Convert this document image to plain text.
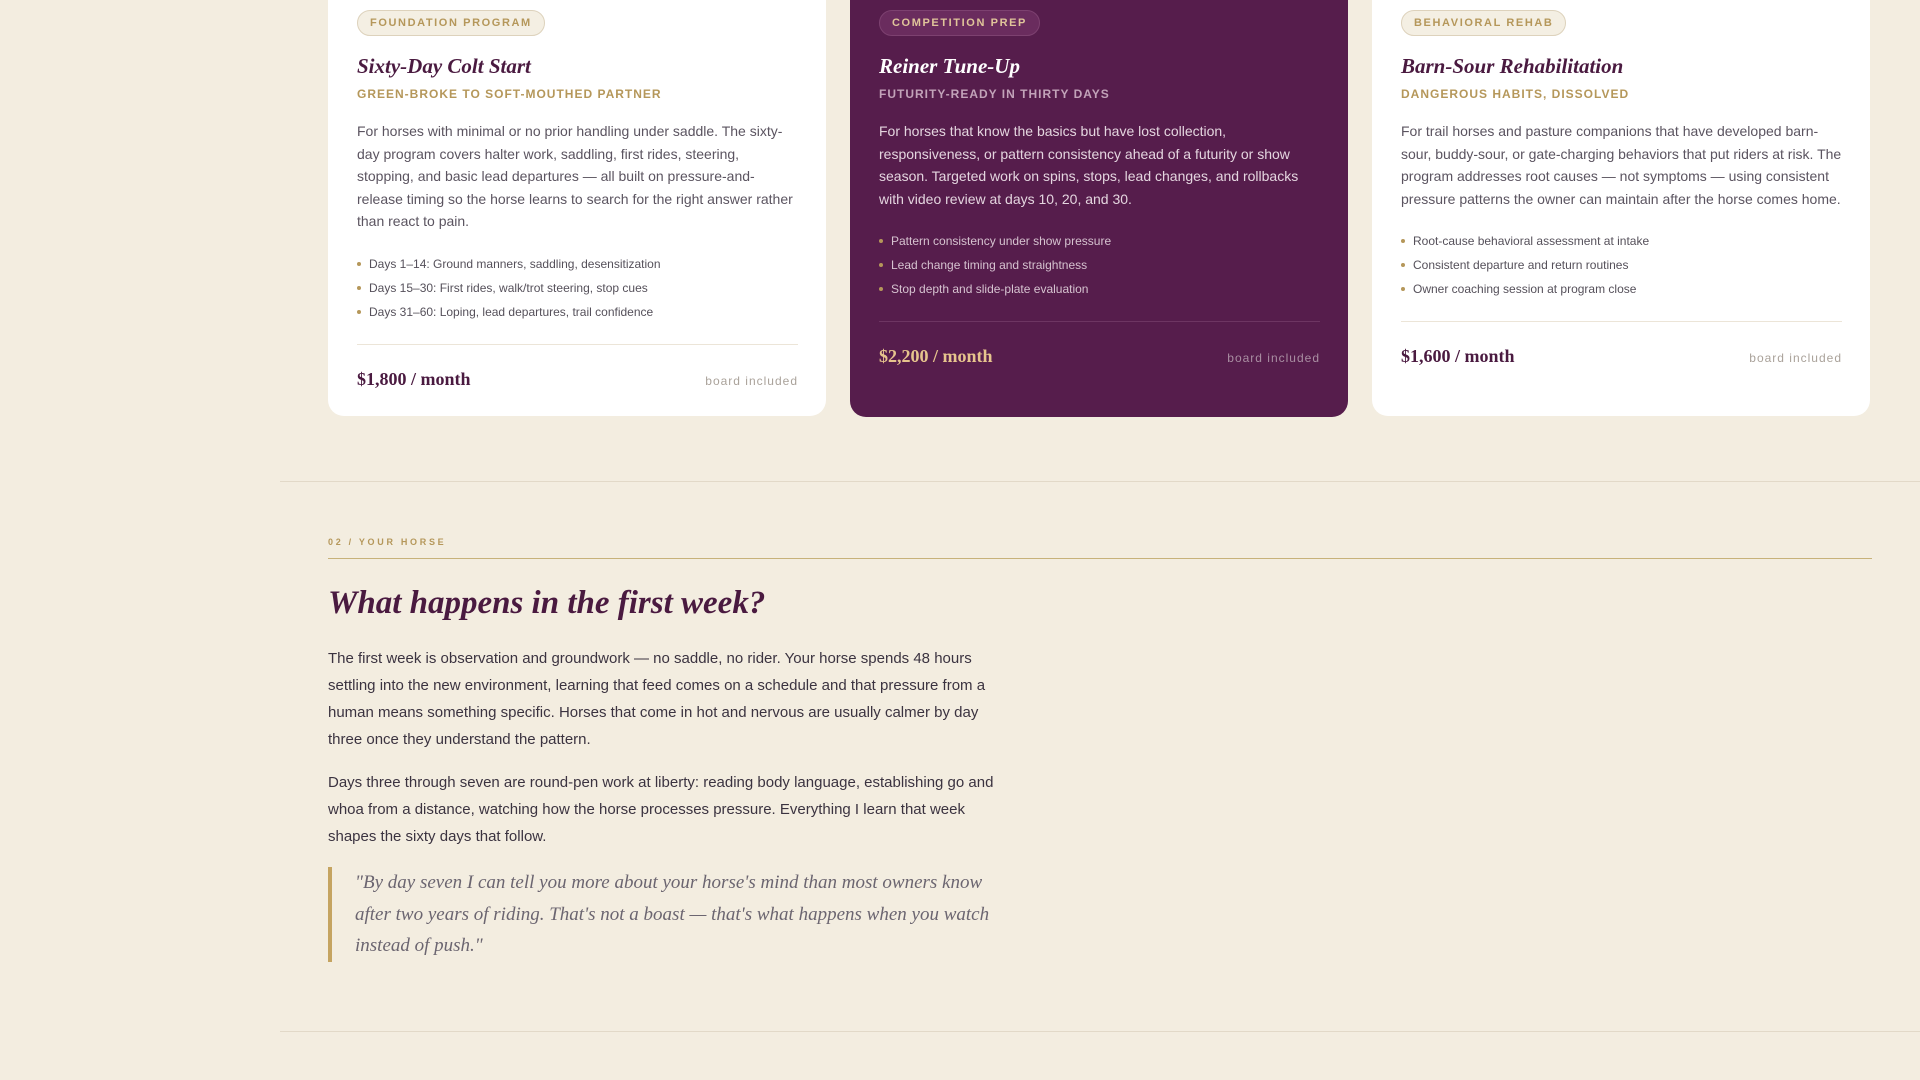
FOUNDATION PROGRAM
Sixty-Day Colt Start
GREEN-BROKE TO SOFT-MOUTHED PARTNER

For horses with minimal or no prior handling under saddle. The sixty-day program covers halter work, saddling, first rides, steering, stopping, and basic lead departures — all built on pressure-and-release timing so the horse learns to search for the right answer rather than react to pain.

Days 1–14: Ground manners, saddling, desensitization
Days 15–30: First rides, walk/trot steering, stop cues
Days 31–60: Loping, lead departures, trail confidence
$1,800 / month	board included
COMPETITION PREP
Reiner Tune-Up
FUTURITY-READY IN THIRTY DAYS

For horses that know the basics but have lost collection, responsiveness, or pattern consistency ahead of a futurity or show season. Targeted work on spins, stops, lead changes, and rollbacks with video review at days 10, 20, and 30.

Pattern consistency under show pressure
Lead change timing and straightness
Stop depth and slide-plate evaluation
$2,200 / month	board included
BEHAVIORAL REHAB
Barn-Sour Rehabilitation
DANGEROUS HABITS, DISSOLVED

For trail horses and pasture companions that have developed barn-sour, buddy-sour, or gate-charging behaviors that put riders at risk. The program addresses root causes — not symptoms — using consistent pressure patterns the owner can maintain after the horse comes home.

Root-cause behavioral assessment at intake
Consistent departure and return routines
Owner coaching session at program close
$1,600 / month	board included
02 / YOUR HORSE
What happens in the first week?

The first week is observation and groundwork — no saddle, no rider. Your horse spends 48 hours settling into the new environment, learning that feed comes on a schedule and that pressure from a human means something specific. Horses that come in hot and nervous are usually calmer by day three once they understand the pattern.

Days three through seven are round-pen work at liberty: reading body language, establishing go and whoa from a distance, watching how the horse processes pressure. Everything I learn that week shapes the sixty days that follow.

"By day seven I can tell you more about your horse's mind than most owners know after two years of riding. That's not a boast — that's what happens when you watch instead of push."
